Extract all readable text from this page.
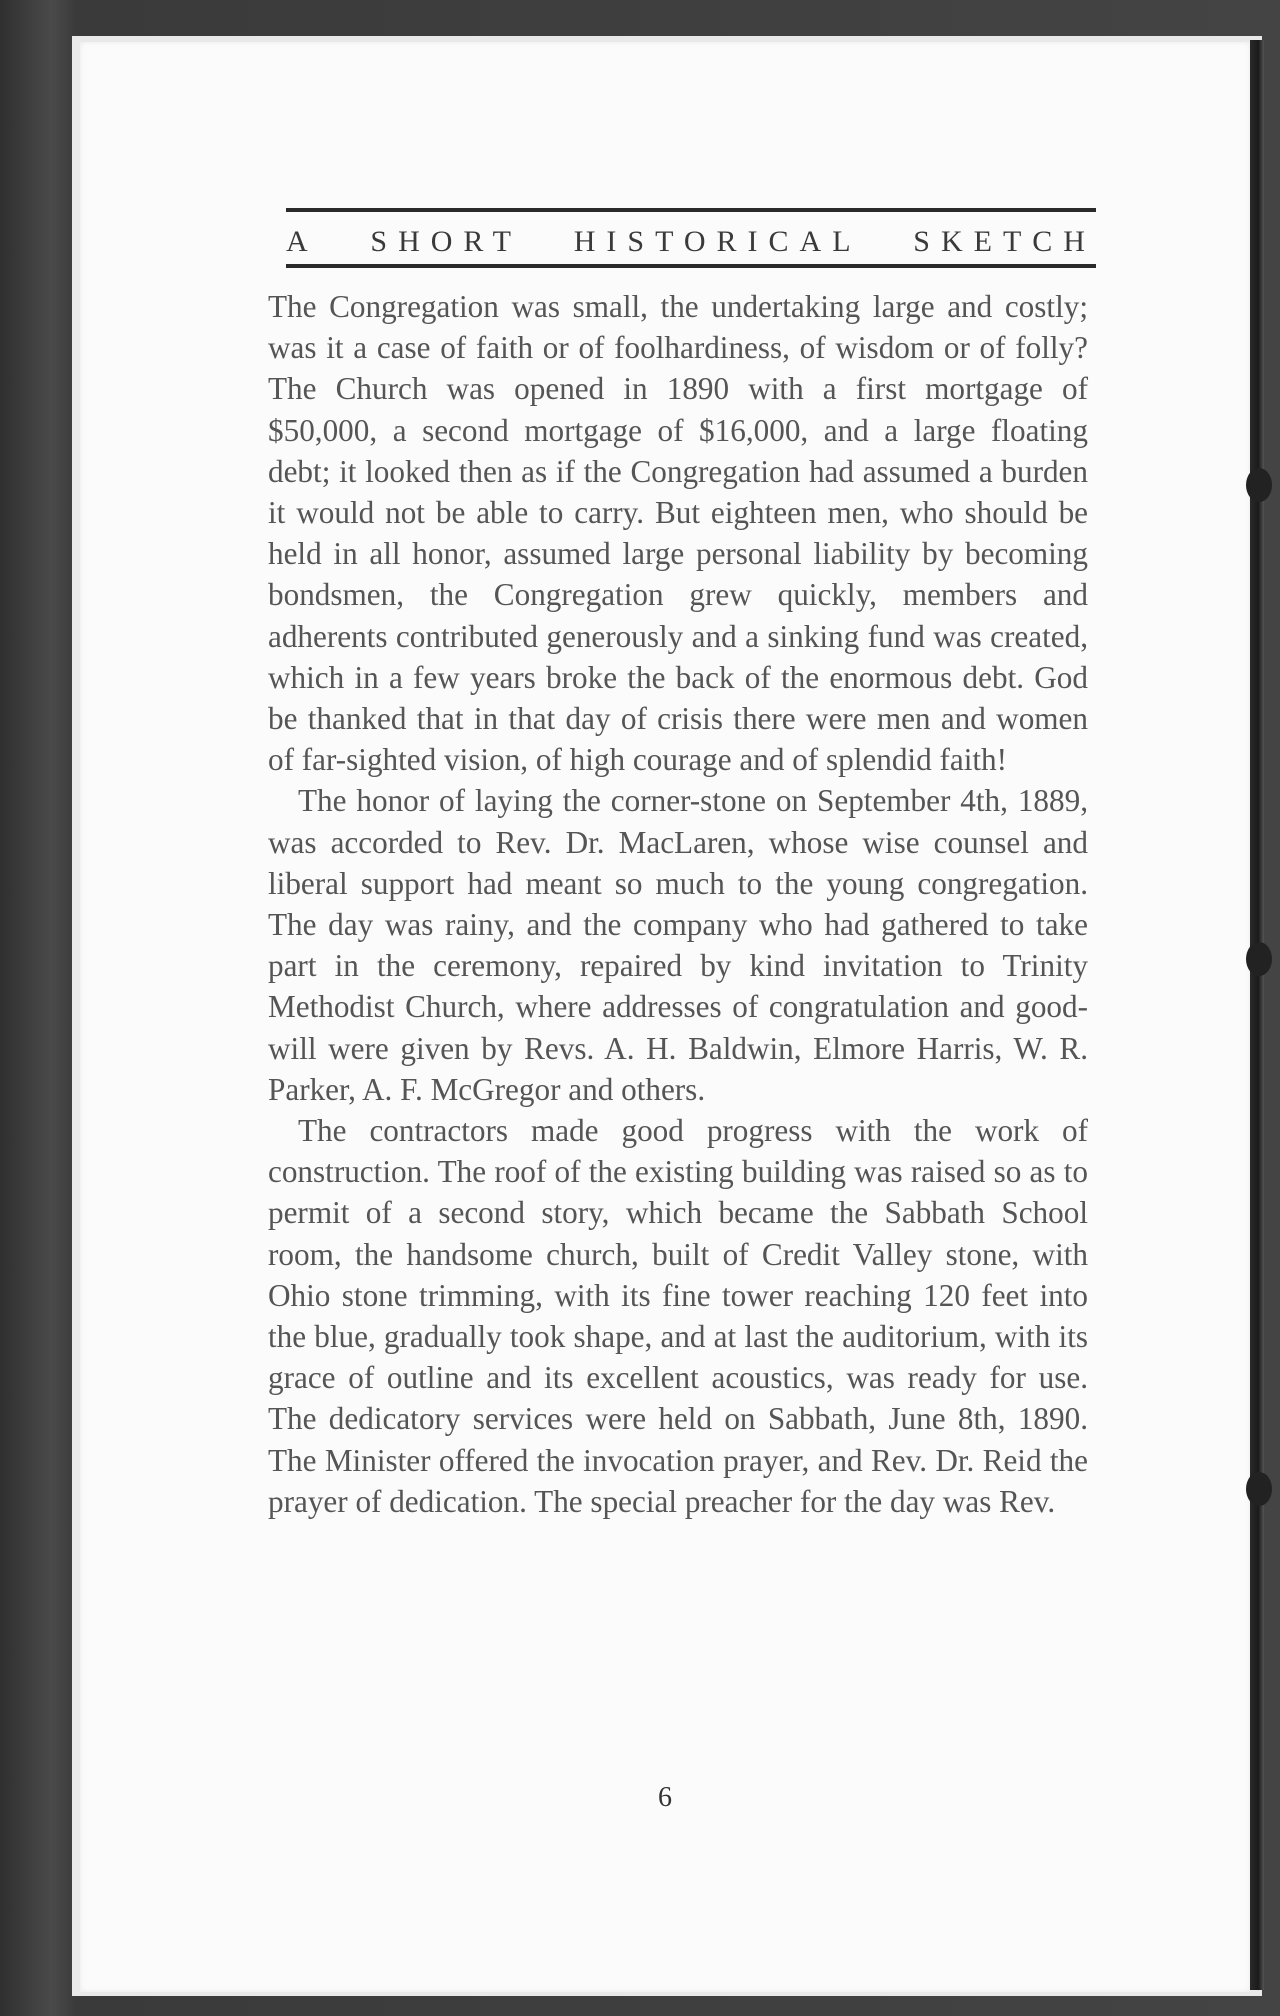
A SHORT HISTORICAL SKETCH

The Congregation was small, the undertaking large and costly; was it a case of faith or of foolhardiness, of wisdom or of folly? The Church was opened in 1890 with a first mortgage of $50,000, a second mortgage of $16,000, and a large floating debt; it looked then as if the Congregation had assumed a burden it would not be able to carry. But eighteen men, who should be held in all honor, assumed large personal liability by becoming bondsmen, the Congregation grew quickly, members and adherents contributed generously and a sinking fund was created, which in a few years broke the back of the enormous debt. God be thanked that in that day of crisis there were men and women of far-sighted vision, of high courage and of splendid faith!

The honor of laying the corner-stone on September 4th, 1889, was accorded to Rev. Dr. MacLaren, whose wise counsel and liberal support had meant so much to the young congregation. The day was rainy, and the company who had gathered to take part in the ceremony, repaired by kind invitation to Trinity Methodist Church, where addresses of congratulation and good-will were given by Revs. A. H. Baldwin, Elmore Harris, W. R. Parker, A. F. McGregor and others.

The contractors made good progress with the work of construction. The roof of the existing building was raised so as to permit of a second story, which became the Sabbath School room, the handsome church, built of Credit Valley stone, with Ohio stone trimming, with its fine tower reaching 120 feet into the blue, gradually took shape, and at last the auditorium, with its grace of outline and its excellent acoustics, was ready for use. The dedicatory services were held on Sabbath, June 8th, 1890. The Minister offered the invocation prayer, and Rev. Dr. Reid the prayer of dedication. The special preacher for the day was Rev.

6
